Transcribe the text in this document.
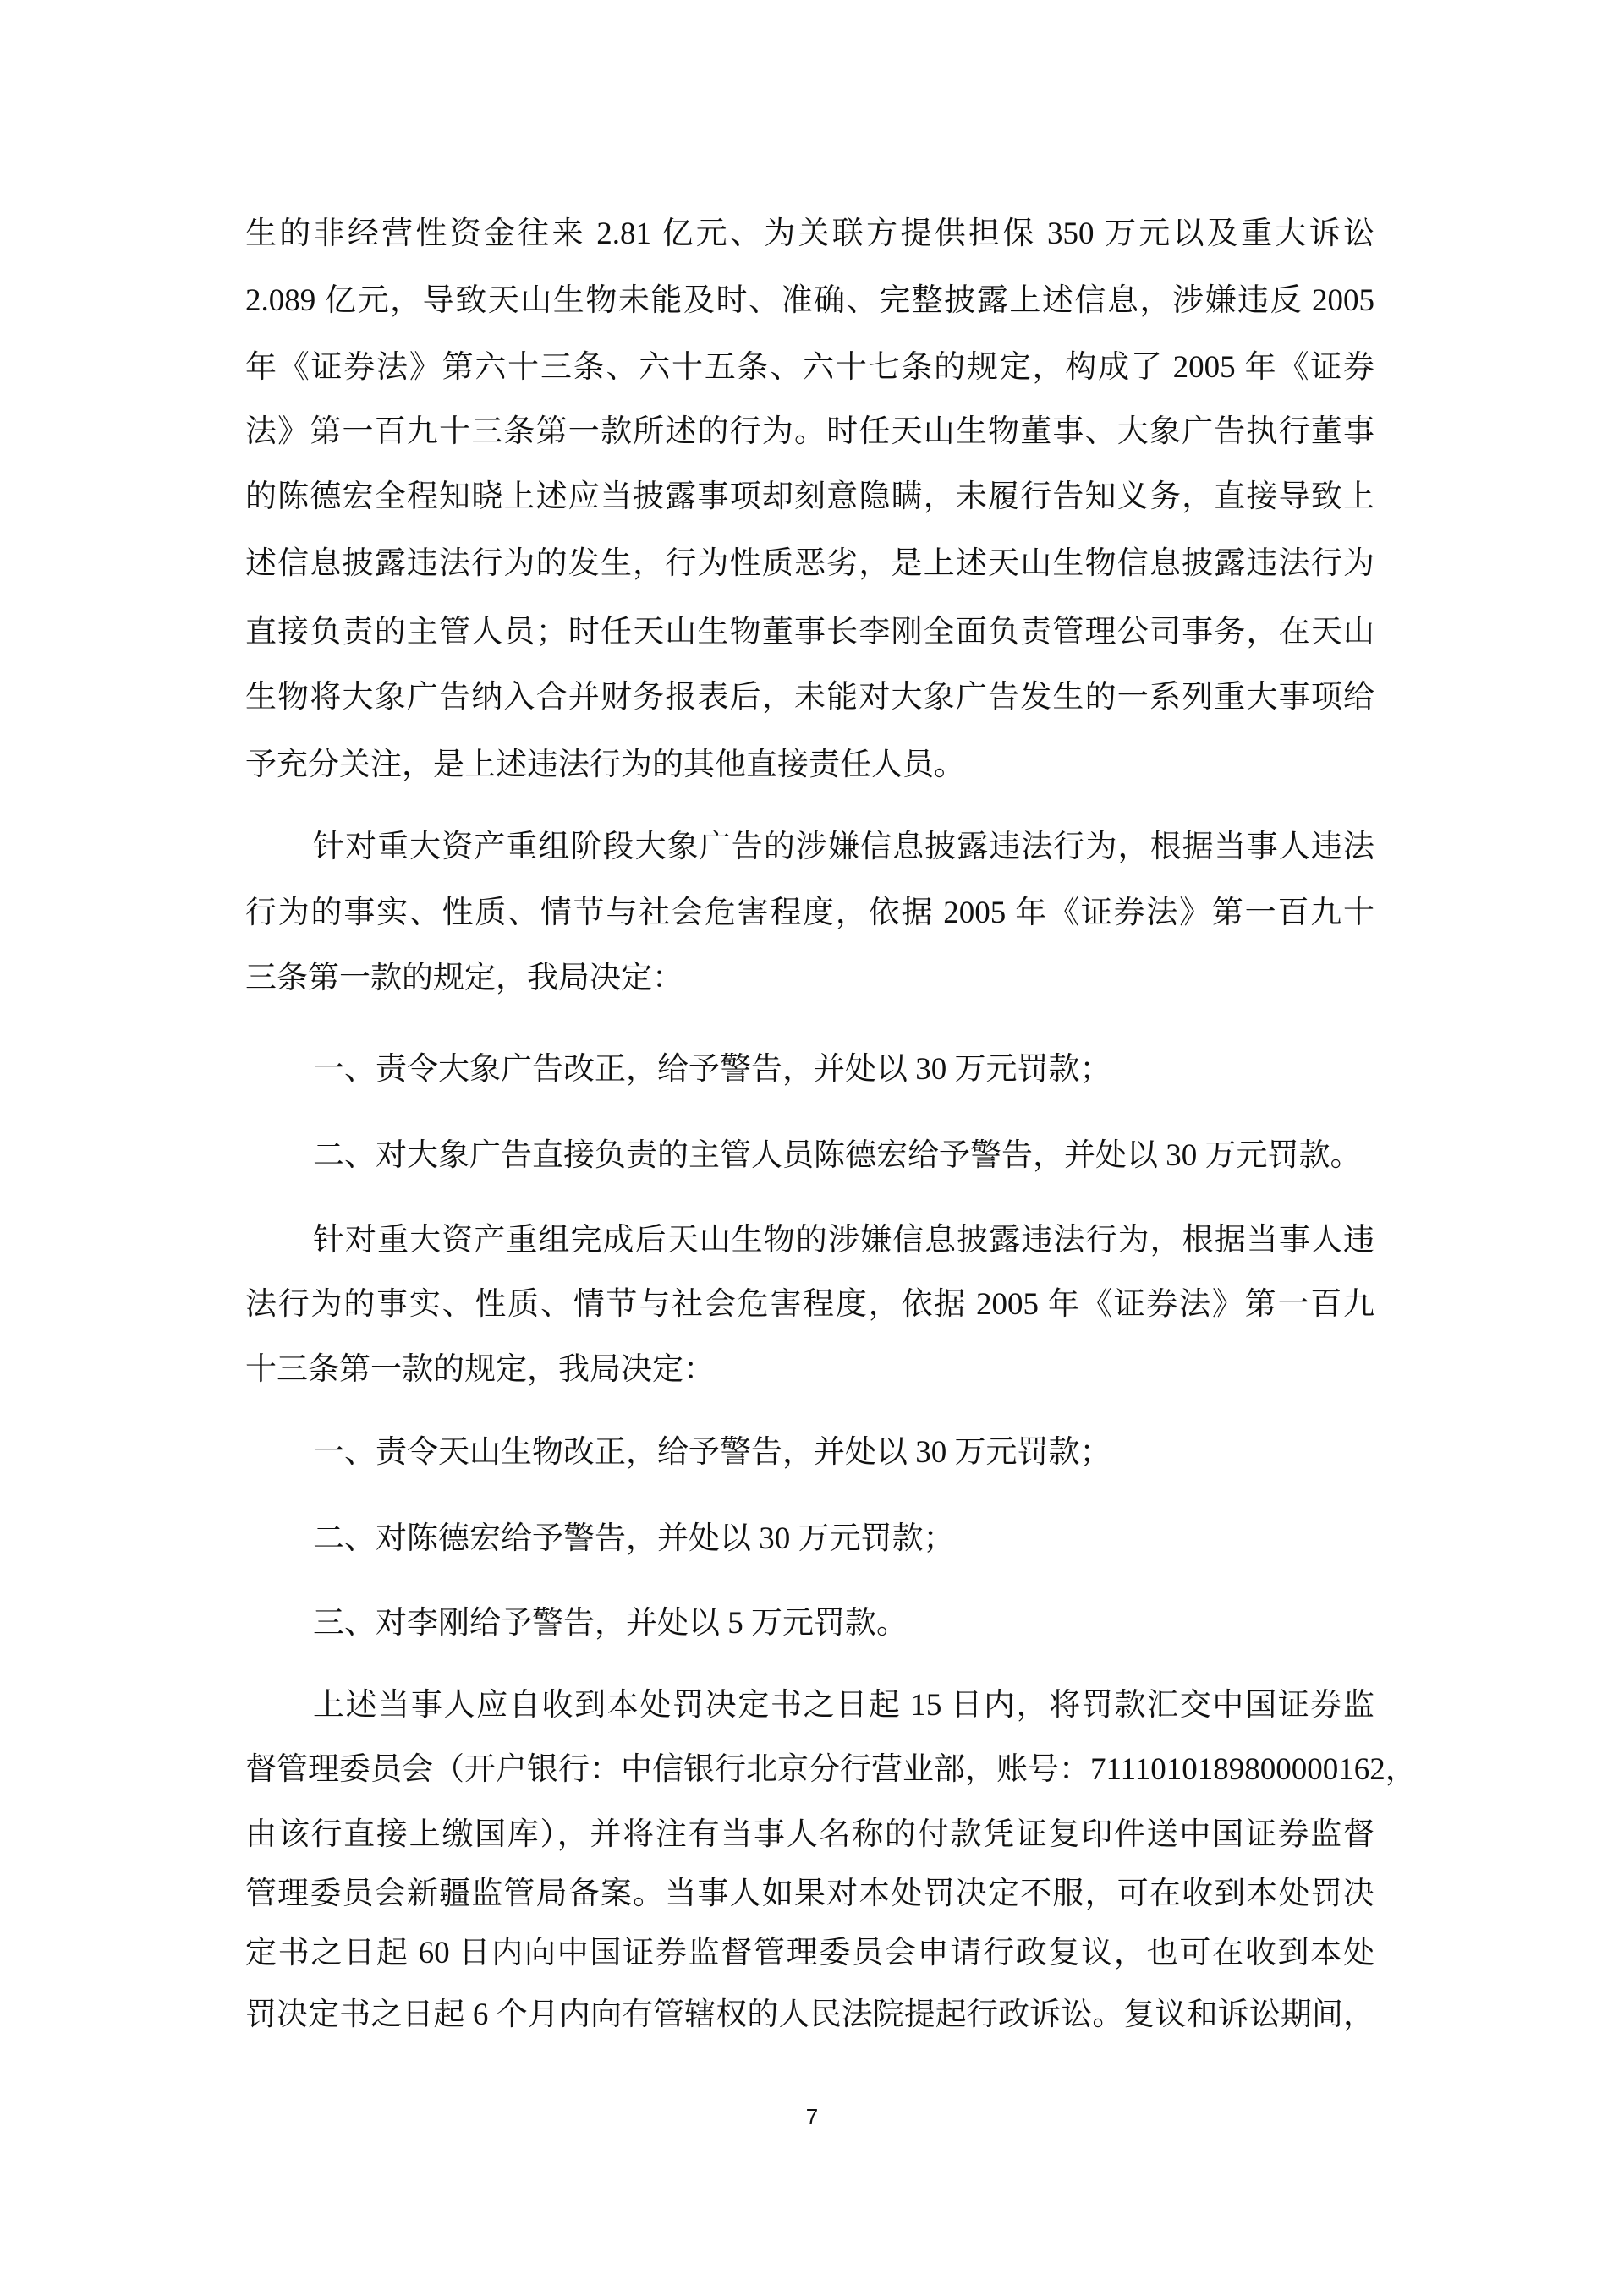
生的非经营性资金往来 2.81 亿元、为关联方提供担保 350 万元以及重大诉讼
2.089 亿元，导致天山生物未能及时、准确、完整披露上述信息，涉嫌违反 2005
年《证券法》第六十三条、六十五条、六十七条的规定，构成了 2005 年《证券
法》第一百九十三条第一款所述的行为。时任天山生物董事、大象广告执行董事
的陈德宏全程知晓上述应当披露事项却刻意隐瞒，未履行告知义务，直接导致上
述信息披露违法行为的发生，行为性质恶劣，是上述天山生物信息披露违法行为
直接负责的主管人员；时任天山生物董事长李刚全面负责管理公司事务，在天山
生物将大象广告纳入合并财务报表后，未能对大象广告发生的一系列重大事项给
予充分关注，是上述违法行为的其他直接责任人员。
针对重大资产重组阶段大象广告的涉嫌信息披露违法行为，根据当事人违法
行为的事实、性质、情节与社会危害程度，依据 2005 年《证券法》第一百九十
三条第一款的规定，我局决定：
一、责令大象广告改正，给予警告，并处以 30 万元罚款；
二、对大象广告直接负责的主管人员陈德宏给予警告，并处以 30 万元罚款。
针对重大资产重组完成后天山生物的涉嫌信息披露违法行为，根据当事人违
法行为的事实、性质、情节与社会危害程度，依据 2005 年《证券法》第一百九
十三条第一款的规定，我局决定：
一、责令天山生物改正，给予警告，并处以 30 万元罚款；
二、对陈德宏给予警告，并处以 30 万元罚款；
三、对李刚给予警告，并处以 5 万元罚款。
上述当事人应自收到本处罚决定书之日起 15 日内，将罚款汇交中国证券监
督管理委员会（开户银行：中信银行北京分行营业部，账号：7111010189800000162，
由该行直接上缴国库），并将注有当事人名称的付款凭证复印件送中国证券监督
管理委员会新疆监管局备案。当事人如果对本处罚决定不服，可在收到本处罚决
定书之日起 60 日内向中国证券监督管理委员会申请行政复议，也可在收到本处
罚决定书之日起 6 个月内向有管辖权的人民法院提起行政诉讼。复议和诉讼期间，
7
